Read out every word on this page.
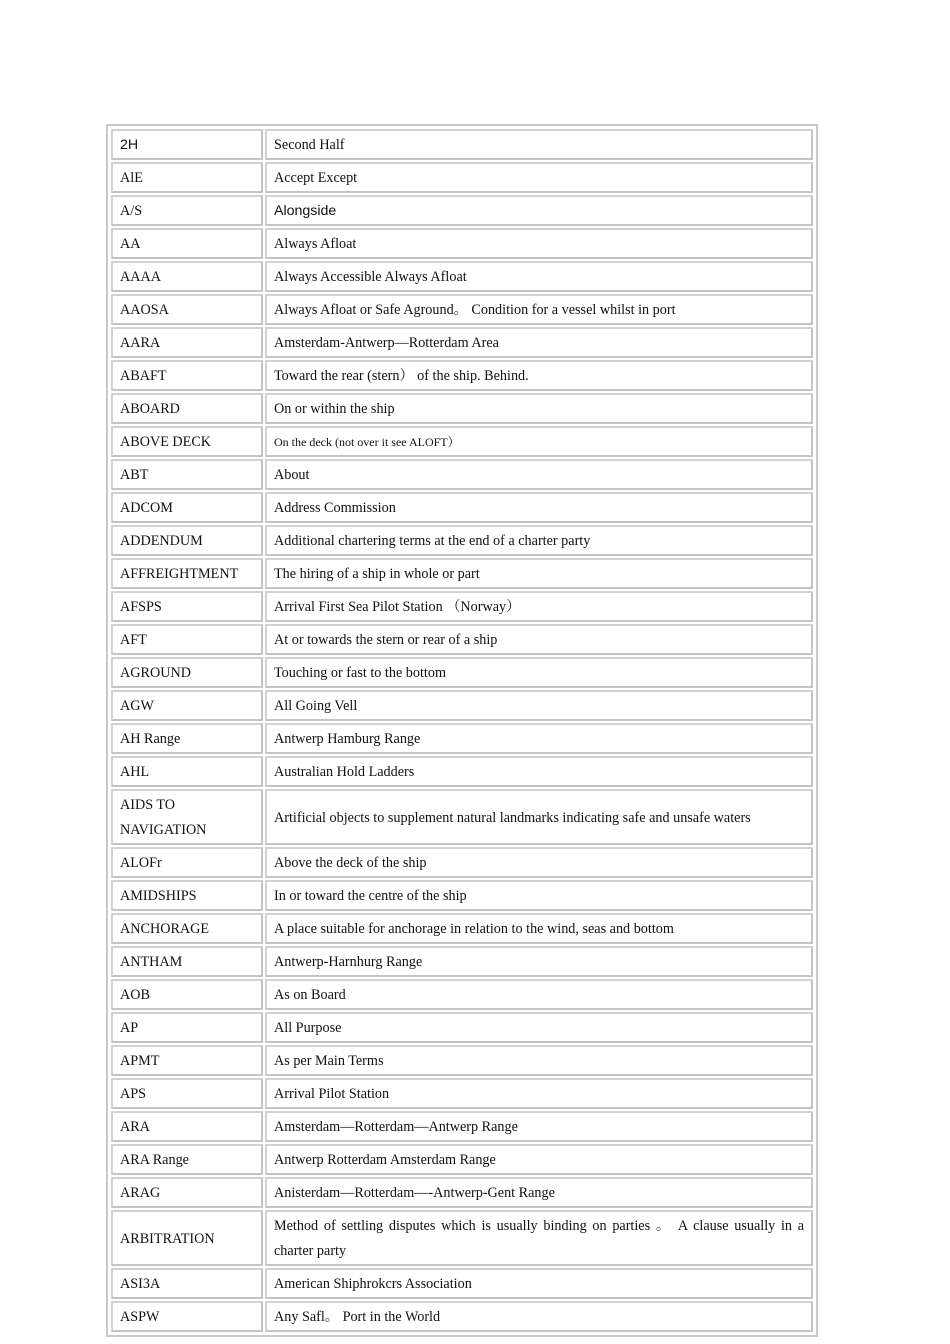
2H	Second Half
AlE	Accept Except
A/S	Alongside
AA	Always Afloat
AAAA	Always Accessible Always Afloat
AAOSA	Always Afloat or Safe Aground。 Condition for a vessel whilst in port
AARA	Amsterdam-Antwerp—Rotterdam Area
ABAFT	Toward the rear (stern） of the ship. Behind.
ABOARD	On or within the ship
ABOVE DECK	On the deck (not over it see ALOFT）
ABT	About
ADCOM	Address Commission
ADDENDUM	Additional chartering terms at the end of a charter party
AFFREIGHTMENT	The hiring of a ship in whole or part
AFSPS	Arrival First Sea Pilot Station （Norway）
AFT	At or towards the stern or rear of a ship
AGROUND	Touching or fast to the bottom
AGW	All Going Vell
AH Range	Antwerp Hamburg Range
AHL	Australian Hold Ladders
AIDS TO NAVIGATION	Artificial objects to supplement natural landmarks indicating safe and unsafe waters
ALOFr	Above the deck of the ship
AMIDSHIPS	In or toward the centre of the ship
ANCHORAGE	A place suitable for anchorage in relation to the wind, seas and bottom
ANTHAM	Antwerp-Harnhurg Range
AOB	As on Board
AP	All Purpose
APMT	As per Main Terms
APS	Arrival Pilot Station
ARA	Amsterdam—Rotterdam—Antwerp Range
ARA Range	Antwerp Rotterdam Amsterdam Range
ARAG	Anisterdam—Rotterdam—-Antwerp-Gent Range
ARBITRATION	Method of settling disputes which is usually binding on parties 。 A clause usually in a charter party
ASI3A	American Shiphrokcrs Association
ASPW	Any Safl。 Port in the World
